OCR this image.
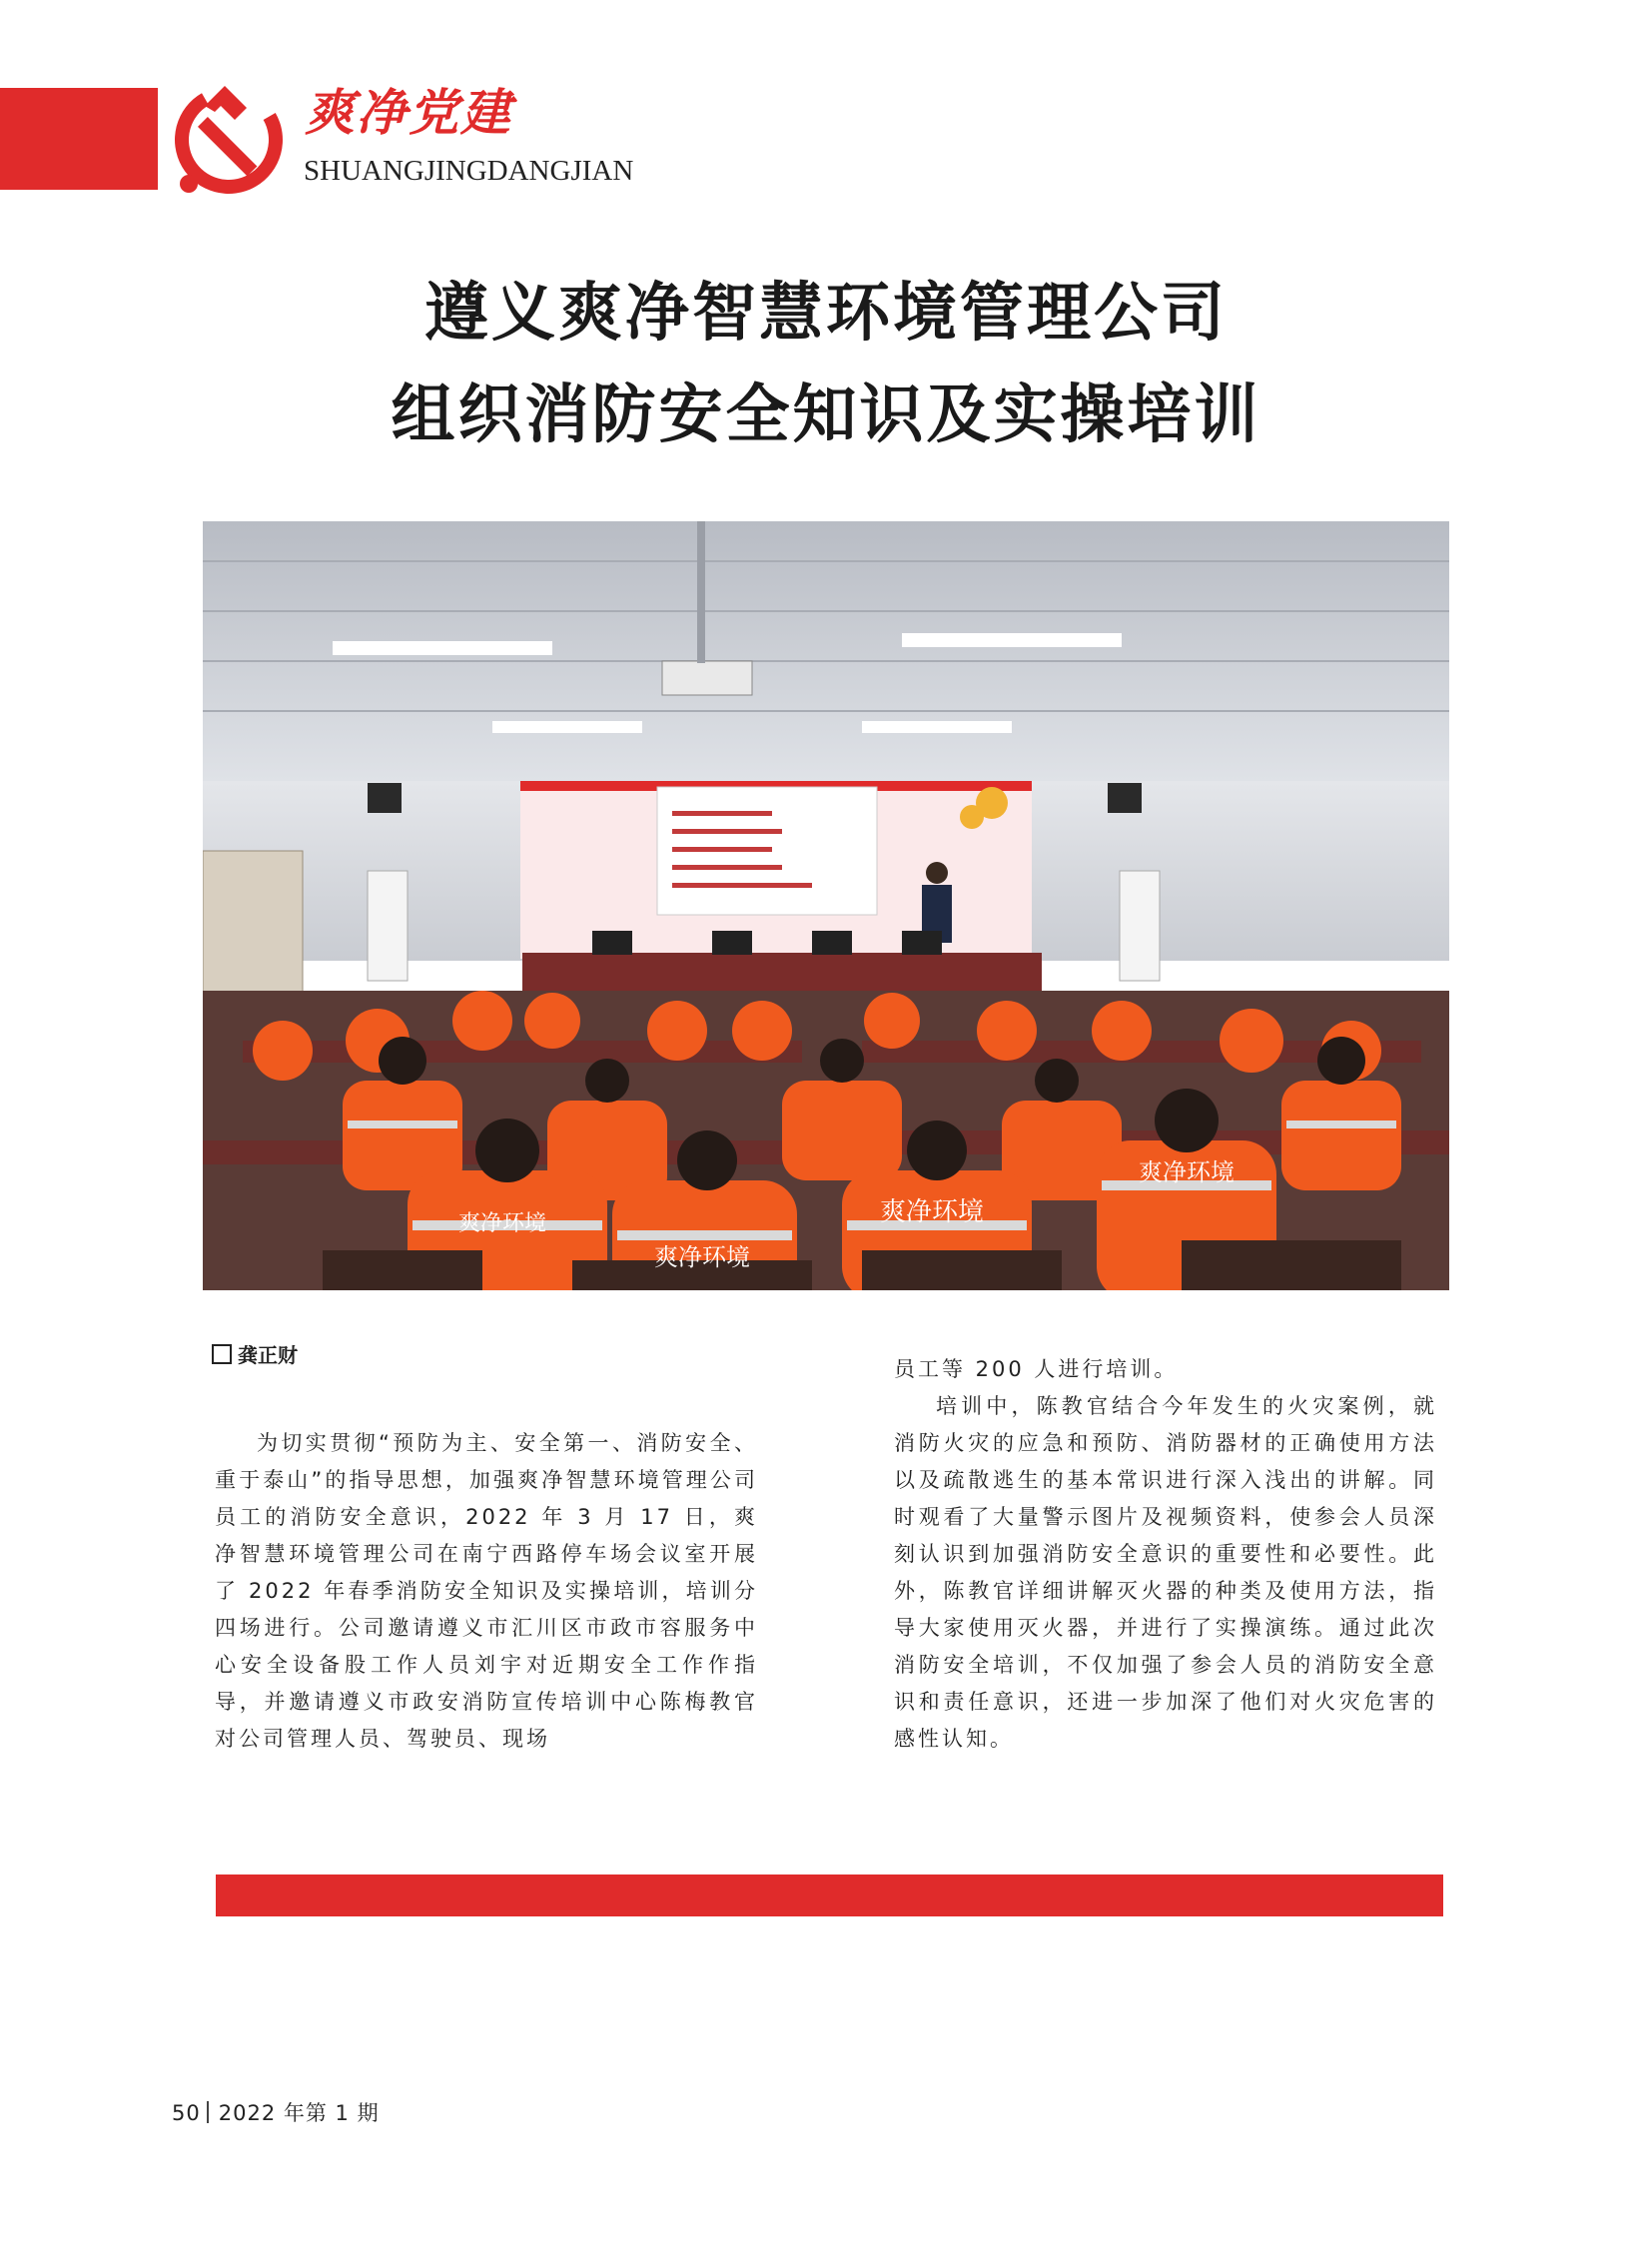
爽净党建
SHUANGJINGDANGJIAN
遵义爽净智慧环境管理公司
组织消防安全知识及实操培训
爽净环境
爽净环境
爽净环境
爽净环境
龚正财

为切实贯彻“预防为主、安全第一、消防安全、重于泰山”的指导思想，加强爽净智慧环境管理公司员工的消防安全意识，2022 年 3 月 17 日，爽净智慧环境管理公司在南宁西路停车场会议室开展了 2022 年春季消防安全知识及实操培训，培训分四场进行。公司邀请遵义市汇川区市政市容服务中心安全设备股工作人员刘宇对近期安全工作作指导，并邀请遵义市政安消防宣传培训中心陈梅教官对公司管理人员、驾驶员、现场

员工等 200 人进行培训。

培训中，陈教官结合今年发生的火灾案例，就消防火灾的应急和预防、消防器材的正确使用方法以及疏散逃生的基本常识进行深入浅出的讲解。同时观看了大量警示图片及视频资料，使参会人员深刻认识到加强消防安全意识的重要性和必要性。此外，陈教官详细讲解灭火器的种类及使用方法，指导大家使用灭火器，并进行了实操演练。通过此次消防安全培训，不仅加强了参会人员的消防安全意识和责任意识，还进一步加深了他们对火灾危害的感性认知。

50 2022 年第 1 期
